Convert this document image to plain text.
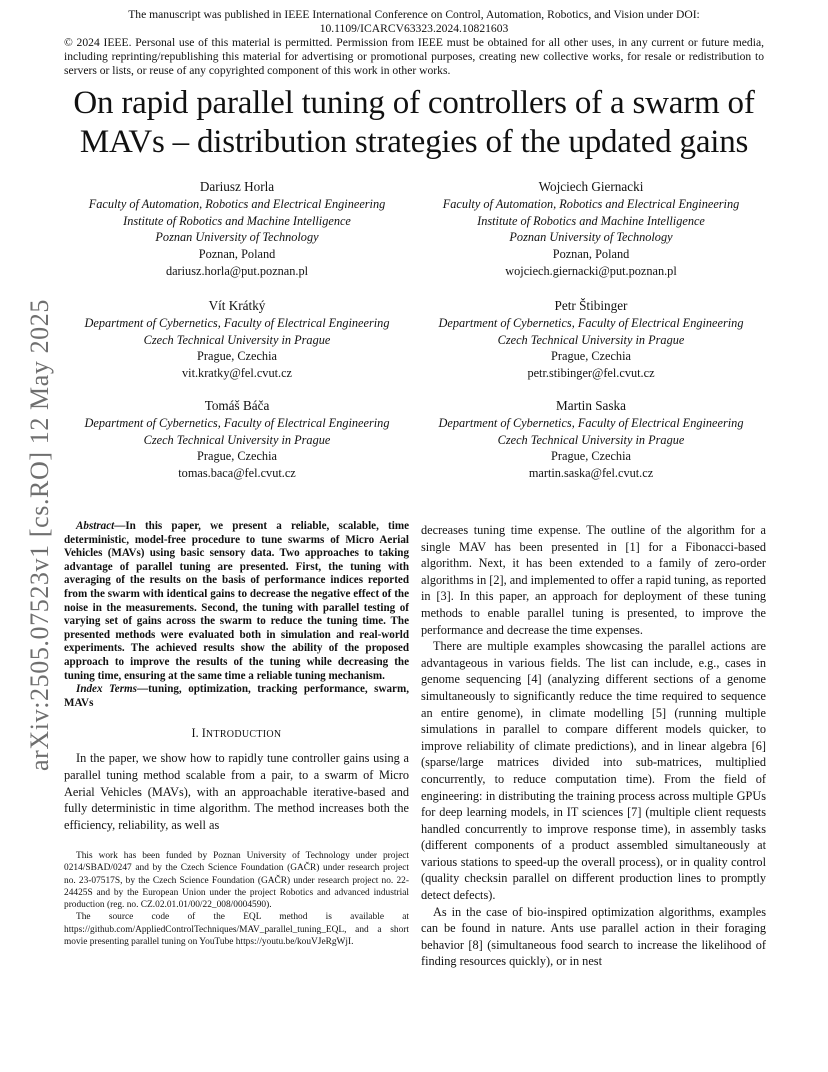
The manuscript was published in IEEE International Conference on Control, Automation, Robotics, and Vision under DOI: 10.1109/ICARCV63323.2024.10821603
© 2024 IEEE. Personal use of this material is permitted. Permission from IEEE must be obtained for all other uses, in any current or future media, including reprinting/republishing this material for advertising or promotional purposes, creating new collective works, for resale or redistribution to servers or lists, or reuse of any copyrighted component of this work in other works.
On rapid parallel tuning of controllers of a swarm of MAVs – distribution strategies of the updated gains
arXiv:2505.07523v1 [cs.RO] 12 May 2025
Dariusz Horla
Faculty of Automation, Robotics and Electrical Engineering
Institute of Robotics and Machine Intelligence
Poznan University of Technology
Poznan, Poland
dariusz.horla@put.poznan.pl
Wojciech Giernacki
Faculty of Automation, Robotics and Electrical Engineering
Institute of Robotics and Machine Intelligence
Poznan University of Technology
Poznan, Poland
wojciech.giernacki@put.poznan.pl
Vít Krátký
Department of Cybernetics, Faculty of Electrical Engineering
Czech Technical University in Prague
Prague, Czechia
vit.kratky@fel.cvut.cz
Petr Štibinger
Department of Cybernetics, Faculty of Electrical Engineering
Czech Technical University in Prague
Prague, Czechia
petr.stibinger@fel.cvut.cz
Tomáš Báča
Department of Cybernetics, Faculty of Electrical Engineering
Czech Technical University in Prague
Prague, Czechia
tomas.baca@fel.cvut.cz
Martin Saska
Department of Cybernetics, Faculty of Electrical Engineering
Czech Technical University in Prague
Prague, Czechia
martin.saska@fel.cvut.cz

Abstract—In this paper, we present a reliable, scalable, time deterministic, model-free procedure to tune swarms of Micro Aerial Vehicles (MAVs) using basic sensory data. Two approaches to taking advantage of parallel tuning are presented. First, the tuning with averaging of the results on the basis of performance indices reported from the swarm with identical gains to decrease the negative effect of the noise in the measurements. Second, the tuning with parallel testing of varying set of gains across the swarm to reduce the tuning time. The presented methods were evaluated both in simulation and real-world experiments. The achieved results show the ability of the proposed approach to improve the results of the tuning while decreasing the tuning time, ensuring at the same time a reliable tuning mechanism.

Index Terms—tuning, optimization, tracking performance, swarm, MAVs

I. INTRODUCTION

In the paper, we show how to rapidly tune controller gains using a parallel tuning method scalable from a pair, to a swarm of Micro Aerial Vehicles (MAVs), with an approachable iterative-based and fully deterministic in time algorithm. The method increases both the efficiency, reliability, as well as

This work has been funded by Poznan University of Technology under project 0214/SBAD/0247 and by the Czech Science Foundation (GAČR) under research project no. 23-07517S, by the Czech Science Foundation (GAČR) under research project no. 22-24425S and by the European Union under the project Robotics and advanced industrial production (reg. no. CZ.02.01.01/00/22_008/0004590).

The source code of the EQL method is available at https://github.com/AppliedControlTechniques/MAV_parallel_tuning_EQL, and a short movie presenting parallel tuning on YouTube https://youtu.be/kouVJeRgWjI.

decreases tuning time expense. The outline of the algorithm for a single MAV has been presented in [1] for a Fibonacci-based algorithm. Next, it has been extended to a family of zero-order algorithms in [2], and implemented to offer a rapid tuning, as reported in [3]. In this paper, an approach for deployment of these tuning methods to enable parallel tuning is presented, to improve the performance and decrease the time expenses.

There are multiple examples showcasing the parallel actions are advantageous in various fields. The list can include, e.g., cases in genome sequencing [4] (analyzing different sections of a genome simultaneously to significantly reduce the time required to sequence an entire genome), in climate modelling [5] (running multiple simulations in parallel to compare different models quicker, to improve reliability of climate predictions), and in linear algebra [6] (sparse/large matrices divided into sub-matrices, multiplied concurrently, to reduce computation time). From the field of engineering: in distributing the training process across multiple GPUs for deep learning models, in IT sciences [7] (multiple client requests handled concurrently to improve response time), in assembly tasks (different components of a product assembled simultaneously at various stations to speed-up the overall process), or in quality control (quality checksin parallel on different production lines to promptly detect defects).

As in the case of bio-inspired optimization algorithms, examples can be found in nature. Ants use parallel action in their foraging behavior [8] (simultaneous food search to increase the likelihood of finding resources quickly), or in nest
